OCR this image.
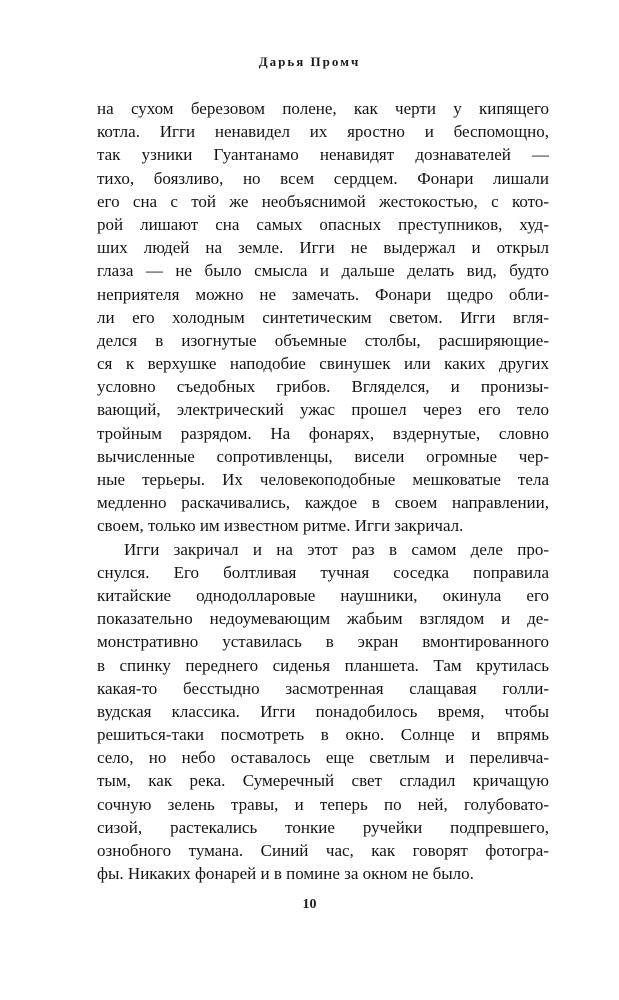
Дарья Промч
на сухом березовом полене, как черти у кипящего
котла. Игги ненавидел их яростно и беспомощно,
так узники Гуантанамо ненавидят дознавателей —
тихо, боязливо, но всем сердцем. Фонари лишали
его сна с той же необъяснимой жестокостью, с кото-
рой лишают сна самых опасных преступников, худ-
ших людей на земле. Игги не выдержал и открыл
глаза — не было смысла и дальше делать вид, будто
неприятеля можно не замечать. Фонари щедро обли-
ли его холодным синтетическим светом. Игги вгля-
делся в изогнутые объемные столбы, расширяющие-
ся к верхушке наподобие свинушек или каких других
условно съедобных грибов. Вгляделся, и пронизы-
вающий, электрический ужас прошел через его тело
тройным разрядом. На фонарях, вздернутые, словно
вычисленные сопротивленцы, висели огромные чер-
ные терьеры. Их человекоподобные мешковатые тела
медленно раскачивались, каждое в своем направлении,
своем, только им известном ритме. Игги закричал.
Игги закричал и на этот раз в самом деле про-
снулся. Его болтливая тучная соседка поправила
китайские однодолларовые наушники, окинула его
показательно недоумевающим жабьим взглядом и де-
монстративно уставилась в экран вмонтированного
в спинку переднего сиденья планшета. Там крутилась
какая-то бесстыдно засмотренная слащавая голли-
вудская классика. Игги понадобилось время, чтобы
решиться-таки посмотреть в окно. Солнце и впрямь
село, но небо оставалось еще светлым и переливча-
тым, как река. Сумеречный свет сгладил кричащую
сочную зелень травы, и теперь по ней, голубовато-
сизой, растекались тонкие ручейки подпревшего,
ознобного тумана. Синий час, как говорят фотогра-
фы. Никаких фонарей и в помине за окном не было.
10
